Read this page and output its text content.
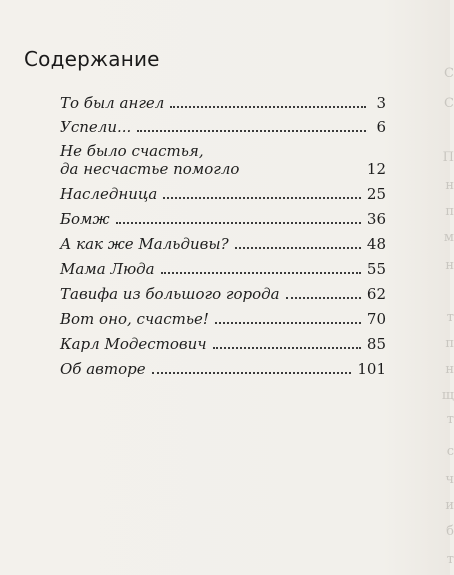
Содержание
То был ангел	3
Успели...	6
Не было счастья,
да несчастье помогло	12
Наследница	25
Бомж	36
А как же Мальдивы?	48
Мама Люда	55
Тавифа из большого города	62
Вот оно, счастье!	70
Карл Модестович	85
Об авторе	101
С
С
П
н
п
м
н
т
п
н
щ
т
с
ч
и
б
т
